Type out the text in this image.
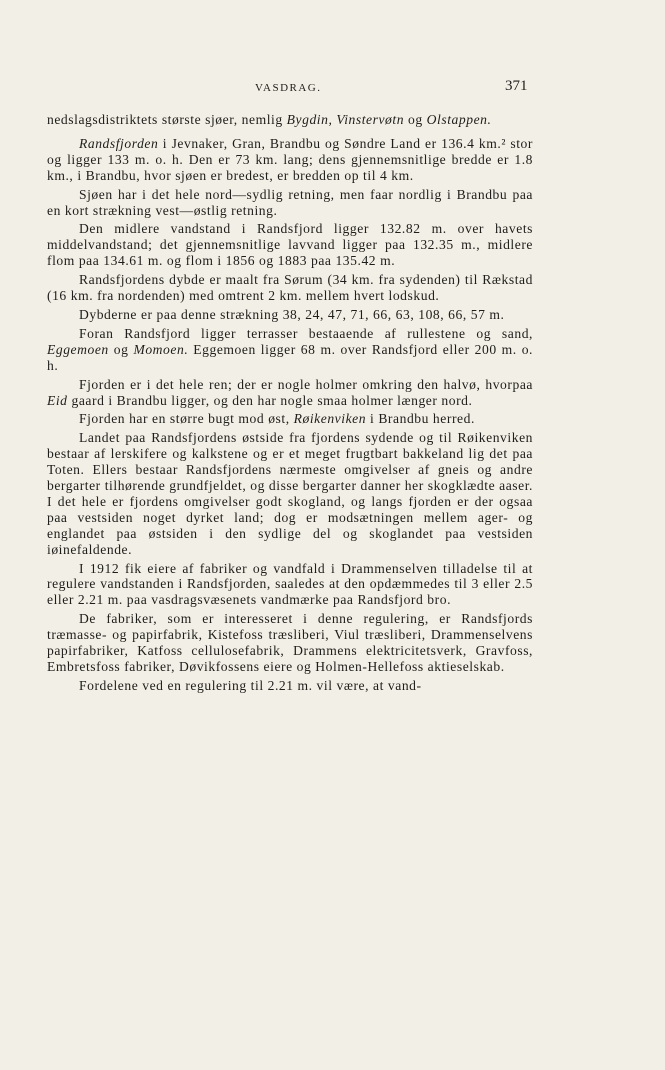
VASDRAG.	371

nedslagsdistriktets største sjøer, nemlig Bygdin, Vinstervøtn og Olstappen.

Randsfjorden i Jevnaker, Gran, Brandbu og Søndre Land er 136.4 km.² stor og ligger 133 m. o. h. Den er 73 km. lang; dens gjennemsnitlige bredde er 1.8 km., i Brandbu, hvor sjøen er bredest, er bredden op til 4 km.

Sjøen har i det hele nord—sydlig retning, men faar nordlig i Brandbu paa en kort strækning vest—østlig retning.

Den midlere vandstand i Randsfjord ligger 132.82 m. over havets middelvandstand; det gjennemsnitlige lavvand ligger paa 132.35 m., midlere flom paa 134.61 m. og flom i 1856 og 1883 paa 135.42 m.

Randsfjordens dybde er maalt fra Sørum (34 km. fra sydenden) til Rækstad (16 km. fra nordenden) med omtrent 2 km. mellem hvert lodskud.

Dybderne er paa denne strækning 38, 24, 47, 71, 66, 63, 108, 66, 57 m.

Foran Randsfjord ligger terrasser bestaaende af rullestene og sand, Eggemoen og Momoen. Eggemoen ligger 68 m. over Randsfjord eller 200 m. o. h.

Fjorden er i det hele ren; der er nogle holmer omkring den halvø, hvorpaa Eid gaard i Brandbu ligger, og den har nogle smaa holmer længer nord.

Fjorden har en større bugt mod øst, Røikenviken i Brandbu herred.

Landet paa Randsfjordens østside fra fjordens sydende og til Røikenviken bestaar af lerskifere og kalkstene og er et meget frugtbart bakkeland lig det paa Toten. Ellers bestaar Randsfjordens nærmeste omgivelser af gneis og andre bergarter tilhørende grundfjeldet, og disse bergarter danner her skogklædte aaser. I det hele er fjordens omgivelser godt skogland, og langs fjorden er der ogsaa paa vestsiden noget dyrket land; dog er modsætningen mellem ager- og englandet paa østsiden i den sydlige del og skoglandet paa vestsiden iøinefaldende.

I 1912 fik eiere af fabriker og vandfald i Drammenselven tilladelse til at regulere vandstanden i Randsfjorden, saaledes at den opdæmmedes til 3 eller 2.5 eller 2.21 m. paa vasdragsvæsenets vandmærke paa Randsfjord bro.

De fabriker, som er interesseret i denne regulering, er Randsfjords træmasse- og papirfabrik, Kistefoss træsliberi, Viul træsliberi, Drammenselvens papirfabriker, Katfoss cellulosefabrik, Drammens elektricitetsverk, Gravfoss, Embretsfoss fabriker, Døvikfossens eiere og Holmen-Hellefoss aktieselskab.

Fordelene ved en regulering til 2.21 m. vil være, at vand-
